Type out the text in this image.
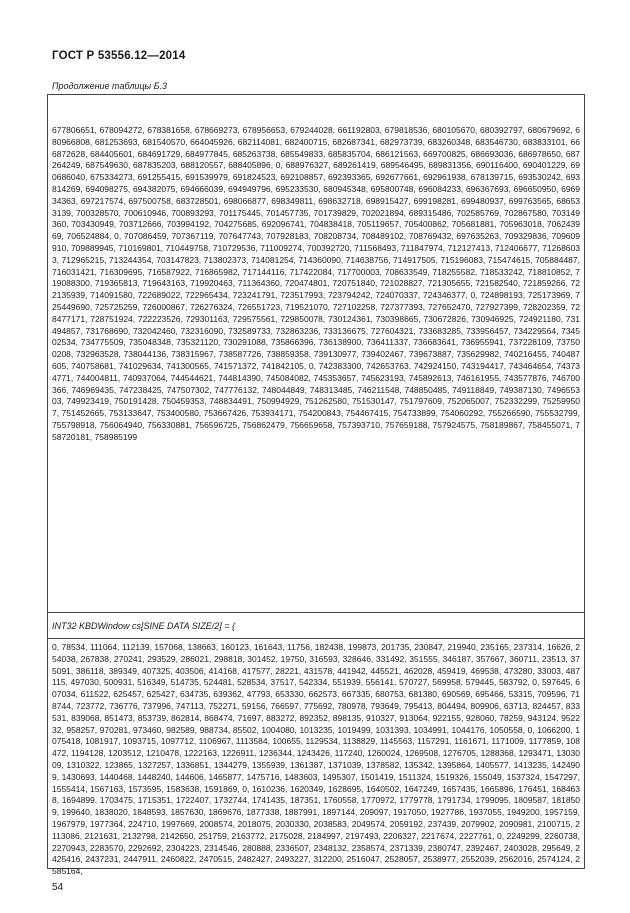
ГОСТ Р 53556.12—2014
Продолжение таблицы Б.3
677806651, 678094272, 678381658, 678669273, 678956653, 679244028, 661192803, 679818536, 680105670, 680392797, 680679692, 680966808, 681253693, 681540570, 664045926, 682114081, 682400715, 682687341, 682973739, 683260348, 683546730, 683833101, 666872628, 684405601, 684691729, 684977845, 685263738, 685549833, 685835704, 686121563, 669700825, 686693036, 686978650, 687264249, 687549630, 687835203, 688120557, 688405896, 0, 688976327, 689261419, 689546495, 689831356, 690116400, 690401229, 690686040, 675334273, 691255415, 691539979, 691824523, 692108857, 692393365, 692677661, 692961938, 678139715, 693530242, 693814269, 694098275, 694382075, 694666039, 694949796, 695233530, 680945348, 695800748, 696084233, 696367693, 696650950, 696934363, 697217574, 697500758, 683728501, 698066877, 698349811, 698632718, 698915427, 699198281, 699480937, 699763565, 686533139, 700328570, 700610946, 700893293, 701175445, 701457735, 701739829, 702021894, 689315486, 702585769, 702867580, 703149360, 703430949, 703712666, 703994192, 704275685, 692096741, 704838418, 705119657, 705400862, 705681881, 705963018, 706243969, 706524884, 0, 707086459, 707367119, 707647743, 707928183, 708208734, 708489102, 708769432, 697635263, 709329836, 709609910, 709889945, 710169801, 710449758, 710729536, 711009274, 700392720, 711568493, 711847974, 712127413, 712406677, 712686033, 712965215, 713244354, 703147823, 713802373, 714081254, 714360090, 714638756, 714917505, 715196083, 715474615, 705884487, 716031421, 716309695, 716587922, 716865982, 717144116, 717422084, 717700003, 708633549, 718255582, 718533242, 718810852, 719088300, 719365813, 719643163, 719920463, 711364360, 720474801, 720751840, 721028827, 721305655, 721582540, 721859266, 722135939, 714091580, 722689022, 722965434, 723241791, 723517993, 723794242, 724070337, 724346377, 0, 724898193, 725173969, 725449690, 725725259, 726000867, 726276324, 726551723, 719521070, 727102258, 727377393, 727652470, 727927399, 728202359, 728477171, 728751924, 722223526, 729301163, 729575561, 729850078, 730124361, 730398665, 730672826, 730946925, 724921180, 731494857, 731768690, 732042460, 732316090, 732589733, 732863236, 733136675, 727604321, 733683285, 733956457, 734229564, 734502534, 734775509, 735048348, 735321120, 730291088, 735866396, 736138900, 736411337, 736683641, 736955941, 737228109, 737500208, 732963528, 738044136, 738315967, 738587726, 738859358, 739130977, 739402467, 739673887, 735629982, 740216455, 740487605, 740758681, 741029634, 741300565, 741571372, 741842105, 0, 742383300, 742653763, 742924150, 743194417, 743464654, 743734771, 744004811, 740937064, 744544621, 744814390, 745084082, 745353657, 745623193, 745892613, 746161955, 743577876, 746700366, 746969435, 747238425, 747507302, 747776132, 748044849, 748313485, 746211548, 748850485, 749118849, 749387130, 749655303, 749923419, 750191428, 750459353, 748834491, 750994929, 751262580, 751530147, 751797609, 752065007, 752332299, 752599507, 751452665, 753133647, 753400580, 753667426, 753934171, 754200843, 754467415, 754733899, 754060292, 755266590, 755532799, 755798918, 756064940, 756330881, 756596725, 756862479, 756659658, 757393710, 757659188, 757924575, 758189867, 758455071, 758720181, 758985199
INT32 KBDWindow cs[SINE DATA SIZE/2] = {
0, 78534, 111064, 112139, 157068, 138663, 160123, 161643, 11756, 182438, 199873, 201735, 230847, 219940, 235165, 237314, 16626, 254038, 267838, 270241, 293529, 286021, 298818, 301452, 19750, 316593, 328646, 331492, 351555, 346187, 357667, 360711, 23513, 375091, 386118, 389349, 407325, 403506, 414168, 417577, 28221, 431578, 441942, 445521, 462028, 459419, 469538, 473280, 33003, 487115, 497030, 500931, 516349, 514735, 524481, 528534, 37517, 542334, 551939, 556141, 570727, 569958, 579445, 583792, 0, 597645, 607034, 611522, 625457, 625427, 634735, 639362, 47793, 653330, 662573, 667335, 680753, 681380, 690569, 695466, 53315, 709596, 718744, 723772, 736776, 737996, 747113, 752271, 59156, 766597, 775692, 780978, 793649, 795413, 804494, 809906, 63713, 824457, 833531, 839068, 851473, 853739, 862814, 868474, 71697, 883272, 892352, 898135, 910327, 913064, 922155, 928060, 78259, 943124, 952232, 958257, 970281, 973460, 982589, 988734, 85502, 1004080, 1013235, 1019499, 1031393, 1034991, 1044176, 1050558, 0, 1066200, 1075418, 1081917, 1093715, 1097712, 1106967, 1113584, 100655, 1129534, 1138829, 1145563, 1157291, 1161671, 1171009, 1177859, 108472, 1194128, 1203512, 1210478, 1222163, 1226911, 1236344, 1243426, 117240, 1260024, 1269508, 1276705, 1288368, 1293471, 1303009, 1310322, 123865, 1327257, 1336851, 1344279, 1355939, 1361387, 1371039, 1378582, 135342, 1395864, 1405577, 1413235, 1424909, 1430693, 1440468, 1448240, 144606, 1465877, 1475716, 1483603, 1495307, 1501419, 1511324, 1519326, 155049, 1537324, 1547297, 1555414, 1567163, 1573595, 1583638, 1591869, 0, 1610236, 1620349, 1628695, 1640502, 1647249, 1657435, 1665896, 176451, 1684638, 1694899, 1703475, 1715351, 1722407, 1732744, 1741435, 187351, 1760558, 1770972, 1779778, 1791734, 1799095, 1809587, 1818509, 199640, 1838020, 1848593, 1857630, 1869676, 1877338, 1887991, 1897144, 209097, 1917050, 1927786, 1937055, 1949200, 1957159, 1967979, 1977364, 224710, 1997669, 2008574, 2018075, 2030330, 2038583, 2049574, 2059192, 237439, 2079902, 2090981, 2100715, 2113086, 2121631, 2132798, 2142650, 251759, 2163772, 2175028, 2184997, 2197493, 2206327, 2217674, 2227761, 0, 2249299, 2260738, 2270943, 2283570, 2292692, 2304223, 2314546, 280888, 2336507, 2348132, 2358574, 2371339, 2380747, 2392467, 2403028, 295649, 2425416, 2437231, 2447911, 2460822, 2470515, 2482427, 2493227, 312200, 2516047, 2528057, 2538977, 2552039, 2562016, 2574124, 2585164,
54
